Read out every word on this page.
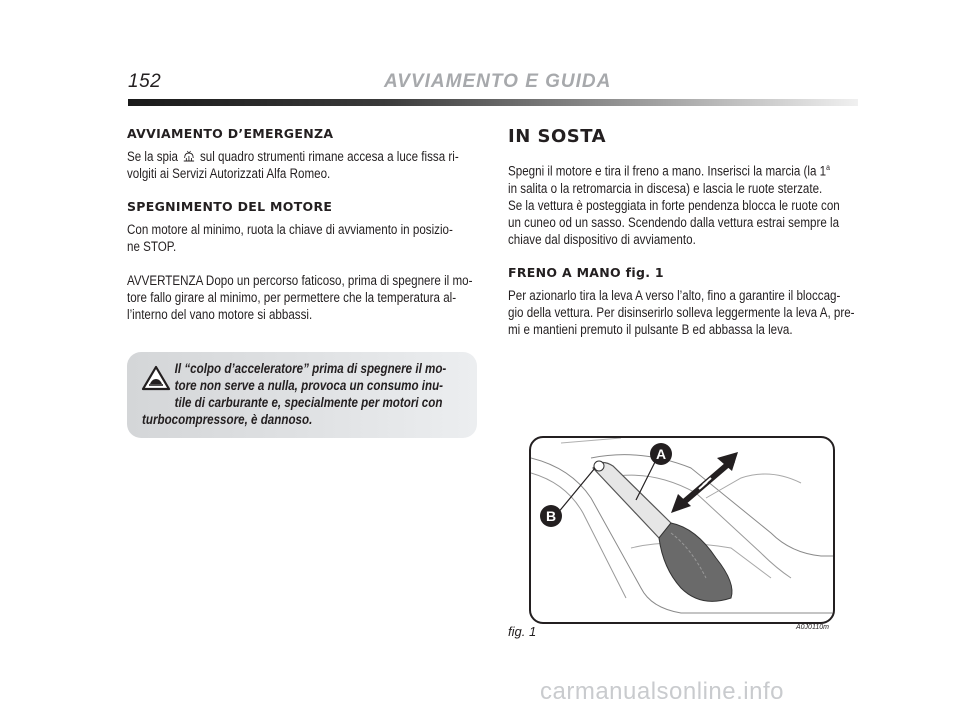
152	AVVIAMENTO E GUIDA
AVVIAMENTO D’EMERGENZA
Se la spia sul quadro strumenti rimane accesa a luce fissa ri-
volgiti ai Servizi Autorizzati Alfa Romeo.
SPEGNIMENTO DEL MOTORE
Con motore al minimo, ruota la chiave di avviamento in posizio-
ne STOP.
AVVERTENZA Dopo un percorso faticoso, prima di spegnere il mo-
tore fallo girare al minimo, per permettere che la temperatura al-
l’interno del vano motore si abbassi.
Il “colpo d’acceleratore” prima di spegnere il mo-
tore non serve a nulla, provoca un consumo inu-
tile di carburante e, specialmente per motori con
turbocompressore, è dannoso.
IN SOSTA
Spegni il motore e tira il freno a mano. Inserisci la marcia (la 1$^a$
in salita o la retromarcia in discesa) e lascia le ruote sterzate.
Se la vettura è posteggiata in forte pendenza blocca le ruote con
un cuneo od un sasso. Scendendo dalla vettura estrai sempre la
chiave dal dispositivo di avviamento.
FRENO A MANO fig. 1
Per azionarlo tira la leva A verso l’alto, fino a garantire il bloccag-
gio della vettura. Per disinserirlo solleva leggermente la leva A, pre-
mi e mantieni premuto il pulsante B ed abbassa la leva.
A
B
fig. 1	A0J0110m
carmanualsonline.info
